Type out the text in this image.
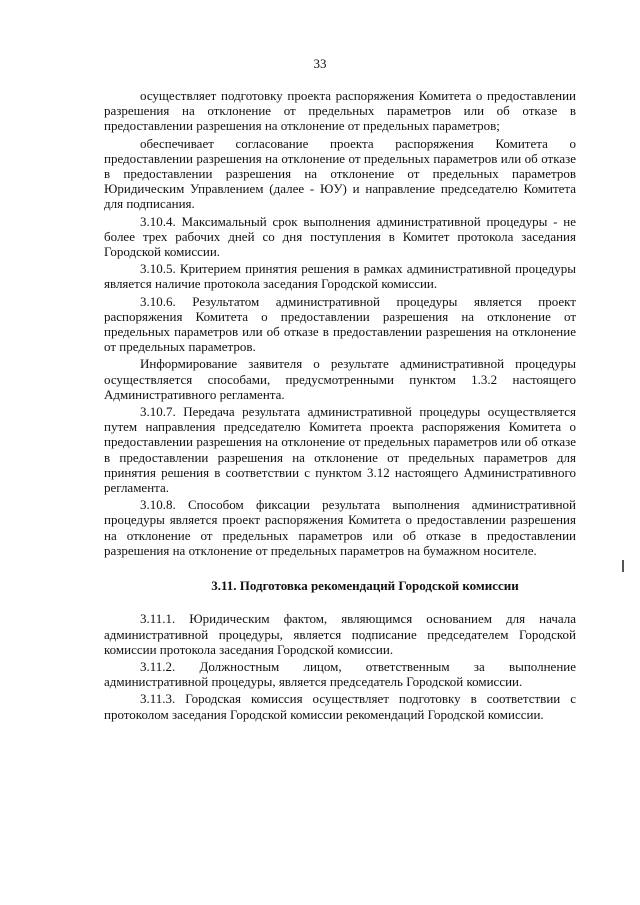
33

осуществляет подготовку проекта распоряжения Комитета о предоставлении разрешения на отклонение от предельных параметров или об отказе в предоставлении разрешения на отклонение от предельных параметров;

обеспечивает согласование проекта распоряжения Комитета о предоставлении разрешения на отклонение от предельных параметров или об отказе в предоставлении разрешения на отклонение от предельных параметров Юридическим Управлением (далее - ЮУ) и направление председателю Комитета для подписания.

3.10.4. Максимальный срок выполнения административной процедуры - не более трех рабочих дней со дня поступления в Комитет протокола заседания Городской комиссии.

3.10.5. Критерием принятия решения в рамках административной процедуры является наличие протокола заседания Городской комиссии.

3.10.6. Результатом административной процедуры является проект распоряжения Комитета о предоставлении разрешения на отклонение от предельных параметров или об отказе в предоставлении разрешения на отклонение от предельных параметров.

Информирование заявителя о результате административной процедуры осуществляется способами, предусмотренными пунктом 1.3.2 настоящего Административного регламента.

3.10.7. Передача результата административной процедуры осуществляется путем направления председателю Комитета проекта распоряжения Комитета о предоставлении разрешения на отклонение от предельных параметров или об отказе в предоставлении разрешения на отклонение от предельных параметров для принятия решения в соответствии с пунктом 3.12 настоящего Административного регламента.

3.10.8. Способом фиксации результата выполнения административной процедуры является проект распоряжения Комитета о предоставлении разрешения на отклонение от предельных параметров или об отказе в предоставлении разрешения на отклонение от предельных параметров на бумажном носителе.

3.11. Подготовка рекомендаций Городской комиссии

3.11.1. Юридическим фактом, являющимся основанием для начала административной процедуры, является подписание председателем Городской комиссии протокола заседания Городской комиссии.

3.11.2. Должностным лицом, ответственным за выполнение административной процедуры, является председатель Городской комиссии.

3.11.3. Городская комиссия осуществляет подготовку в соответствии с протоколом заседания Городской комиссии рекомендаций Городской комиссии.
